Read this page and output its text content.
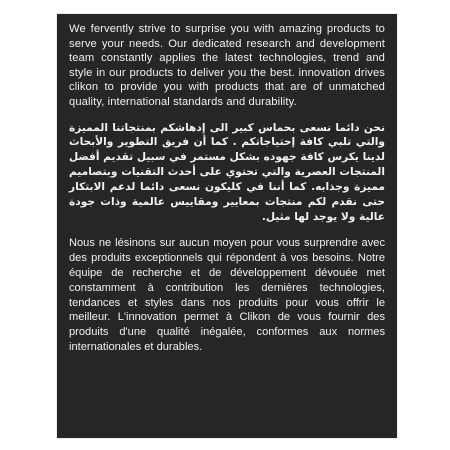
We fervently strive to surprise you with amazing products to serve your needs. Our dedicated research and development team constantly applies the latest technologies, trend and style in our products to deliver you the best. innovation drives clikon to provide you with products that are of unmatched quality, international standards and durability.

نحن دائما نسعى بحماس كبير الى إدهاشكم بمنتجاتنا المميزة والتي تلبي كافة إحتياجاتكم . كما أن فريق التطوير والأبحاث لدينا يكرس كافة جهوده بشكل مستمر في سبيل تقديم أفضل المنتجات العصرية والتي تحتوي على أحدث التقنيات وبتصاميم مميزة وجذابه. كما أننا في كليكون نسعى دائما لدعم الابتكار حتى نقدم لكم منتجات بمعايير ومقاييس عالمية وذات جودة عالية ولا يوجد لها مثيل.

Nous ne lésinons sur aucun moyen pour vous surprendre avec des produits exceptionnels qui répondent à vos besoins. Notre équipe de recherche et de développement dévouée met constamment à contribution les dernières technologies, tendances et styles dans nos produits pour vous offrir le meilleur. L'innovation permet à Clikon de vous fournir des produits d'une qualité inégalée, conformes aux normes internationales et durables.
